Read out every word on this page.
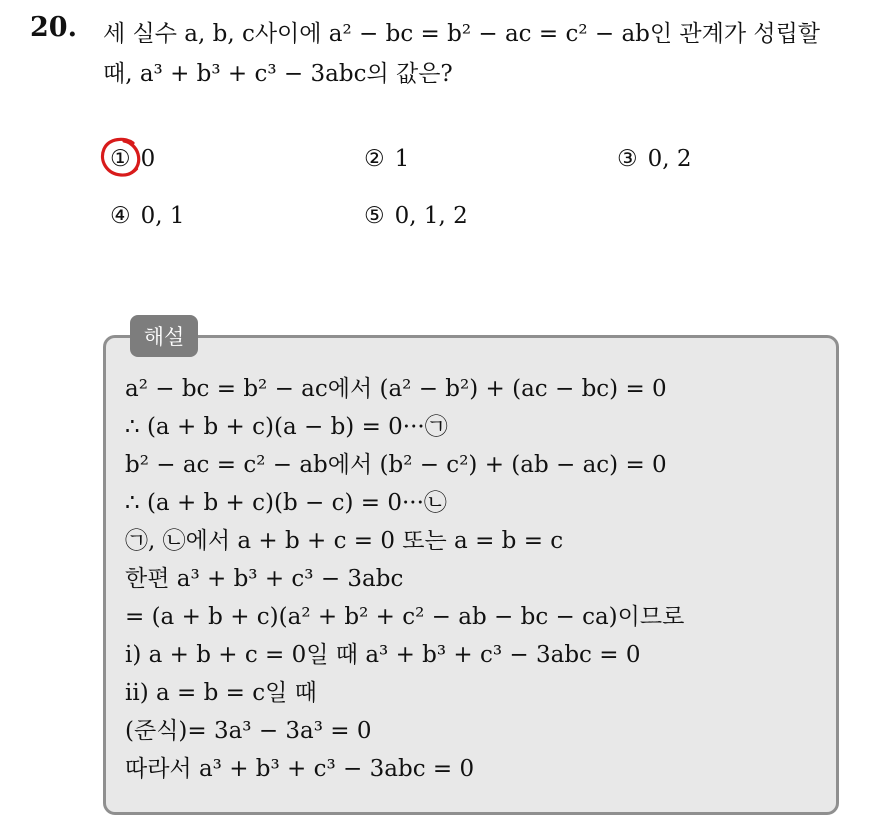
20. 세 실수 a, b, c사이에 a² − bc = b² − ac = c² − ab인 관계가 성립할
때, a³ + b³ + c³ − 3abc의 값은?
① 0	② 1	③ 0, 2
④ 0, 1	⑤ 0, 1, 2
해설
a² − bc = b² − ac에서 (a² − b²) + (ac − bc) = 0
∴ (a + b + c)(a − b) = 0···㉠
b² − ac = c² − ab에서 (b² − c²) + (ab − ac) = 0
∴ (a + b + c)(b − c) = 0···㉡
㉠, ㉡에서 a + b + c = 0 또는 a = b = c
한편 a³ + b³ + c³ − 3abc
= (a + b + c)(a² + b² + c² − ab − bc − ca)이므로
ⅰ) a + b + c = 0일 때 a³ + b³ + c³ − 3abc = 0
ⅱ) a = b = c일 때
(준식)= 3a³ − 3a³ = 0
따라서 a³ + b³ + c³ − 3abc = 0
